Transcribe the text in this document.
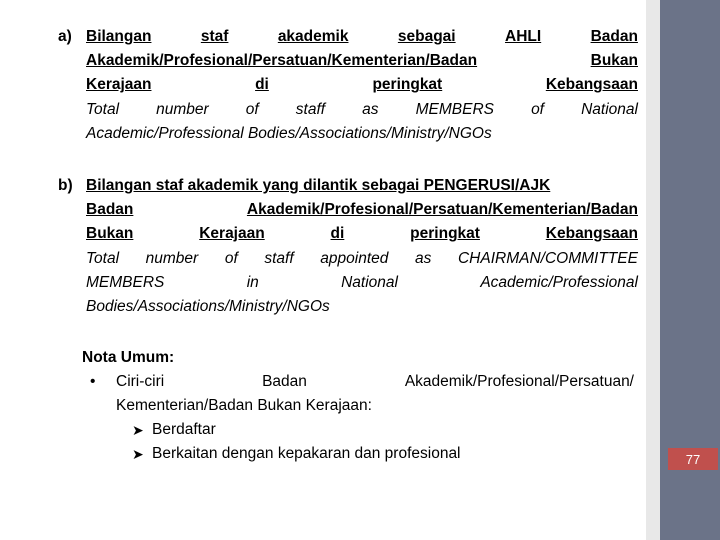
77
a) Bilangan	staf	akademik	sebagai	AHLI	Badan
Akademik/Profesional/Persatuan/Kementerian/Badan	Bukan
Kerajaan	di	peringkat	Kebangsaan
Total number of staff as MEMBERS of National
Academic/Professional Bodies/Associations/Ministry/NGOs
b) Bilangan staf akademik yang dilantik sebagai PENGERUSI/AJK
Badan	Akademik/Profesional/Persatuan/Kementerian/Badan
Bukan	Kerajaan	di	peringkat	Kebangsaan
Total number of staff appointed as CHAIRMAN/COMMITTEE
MEMBERS	in	National	Academic/Professional
Bodies/Associations/Ministry/NGOs
Nota Umum:
• Ciri-ciri	Badan	Akademik/Profesional/Persatuan/
Kementerian/Badan Bukan Kerajaan:
➤ Berdaftar
➤ Berkaitan dengan kepakaran dan profesional
